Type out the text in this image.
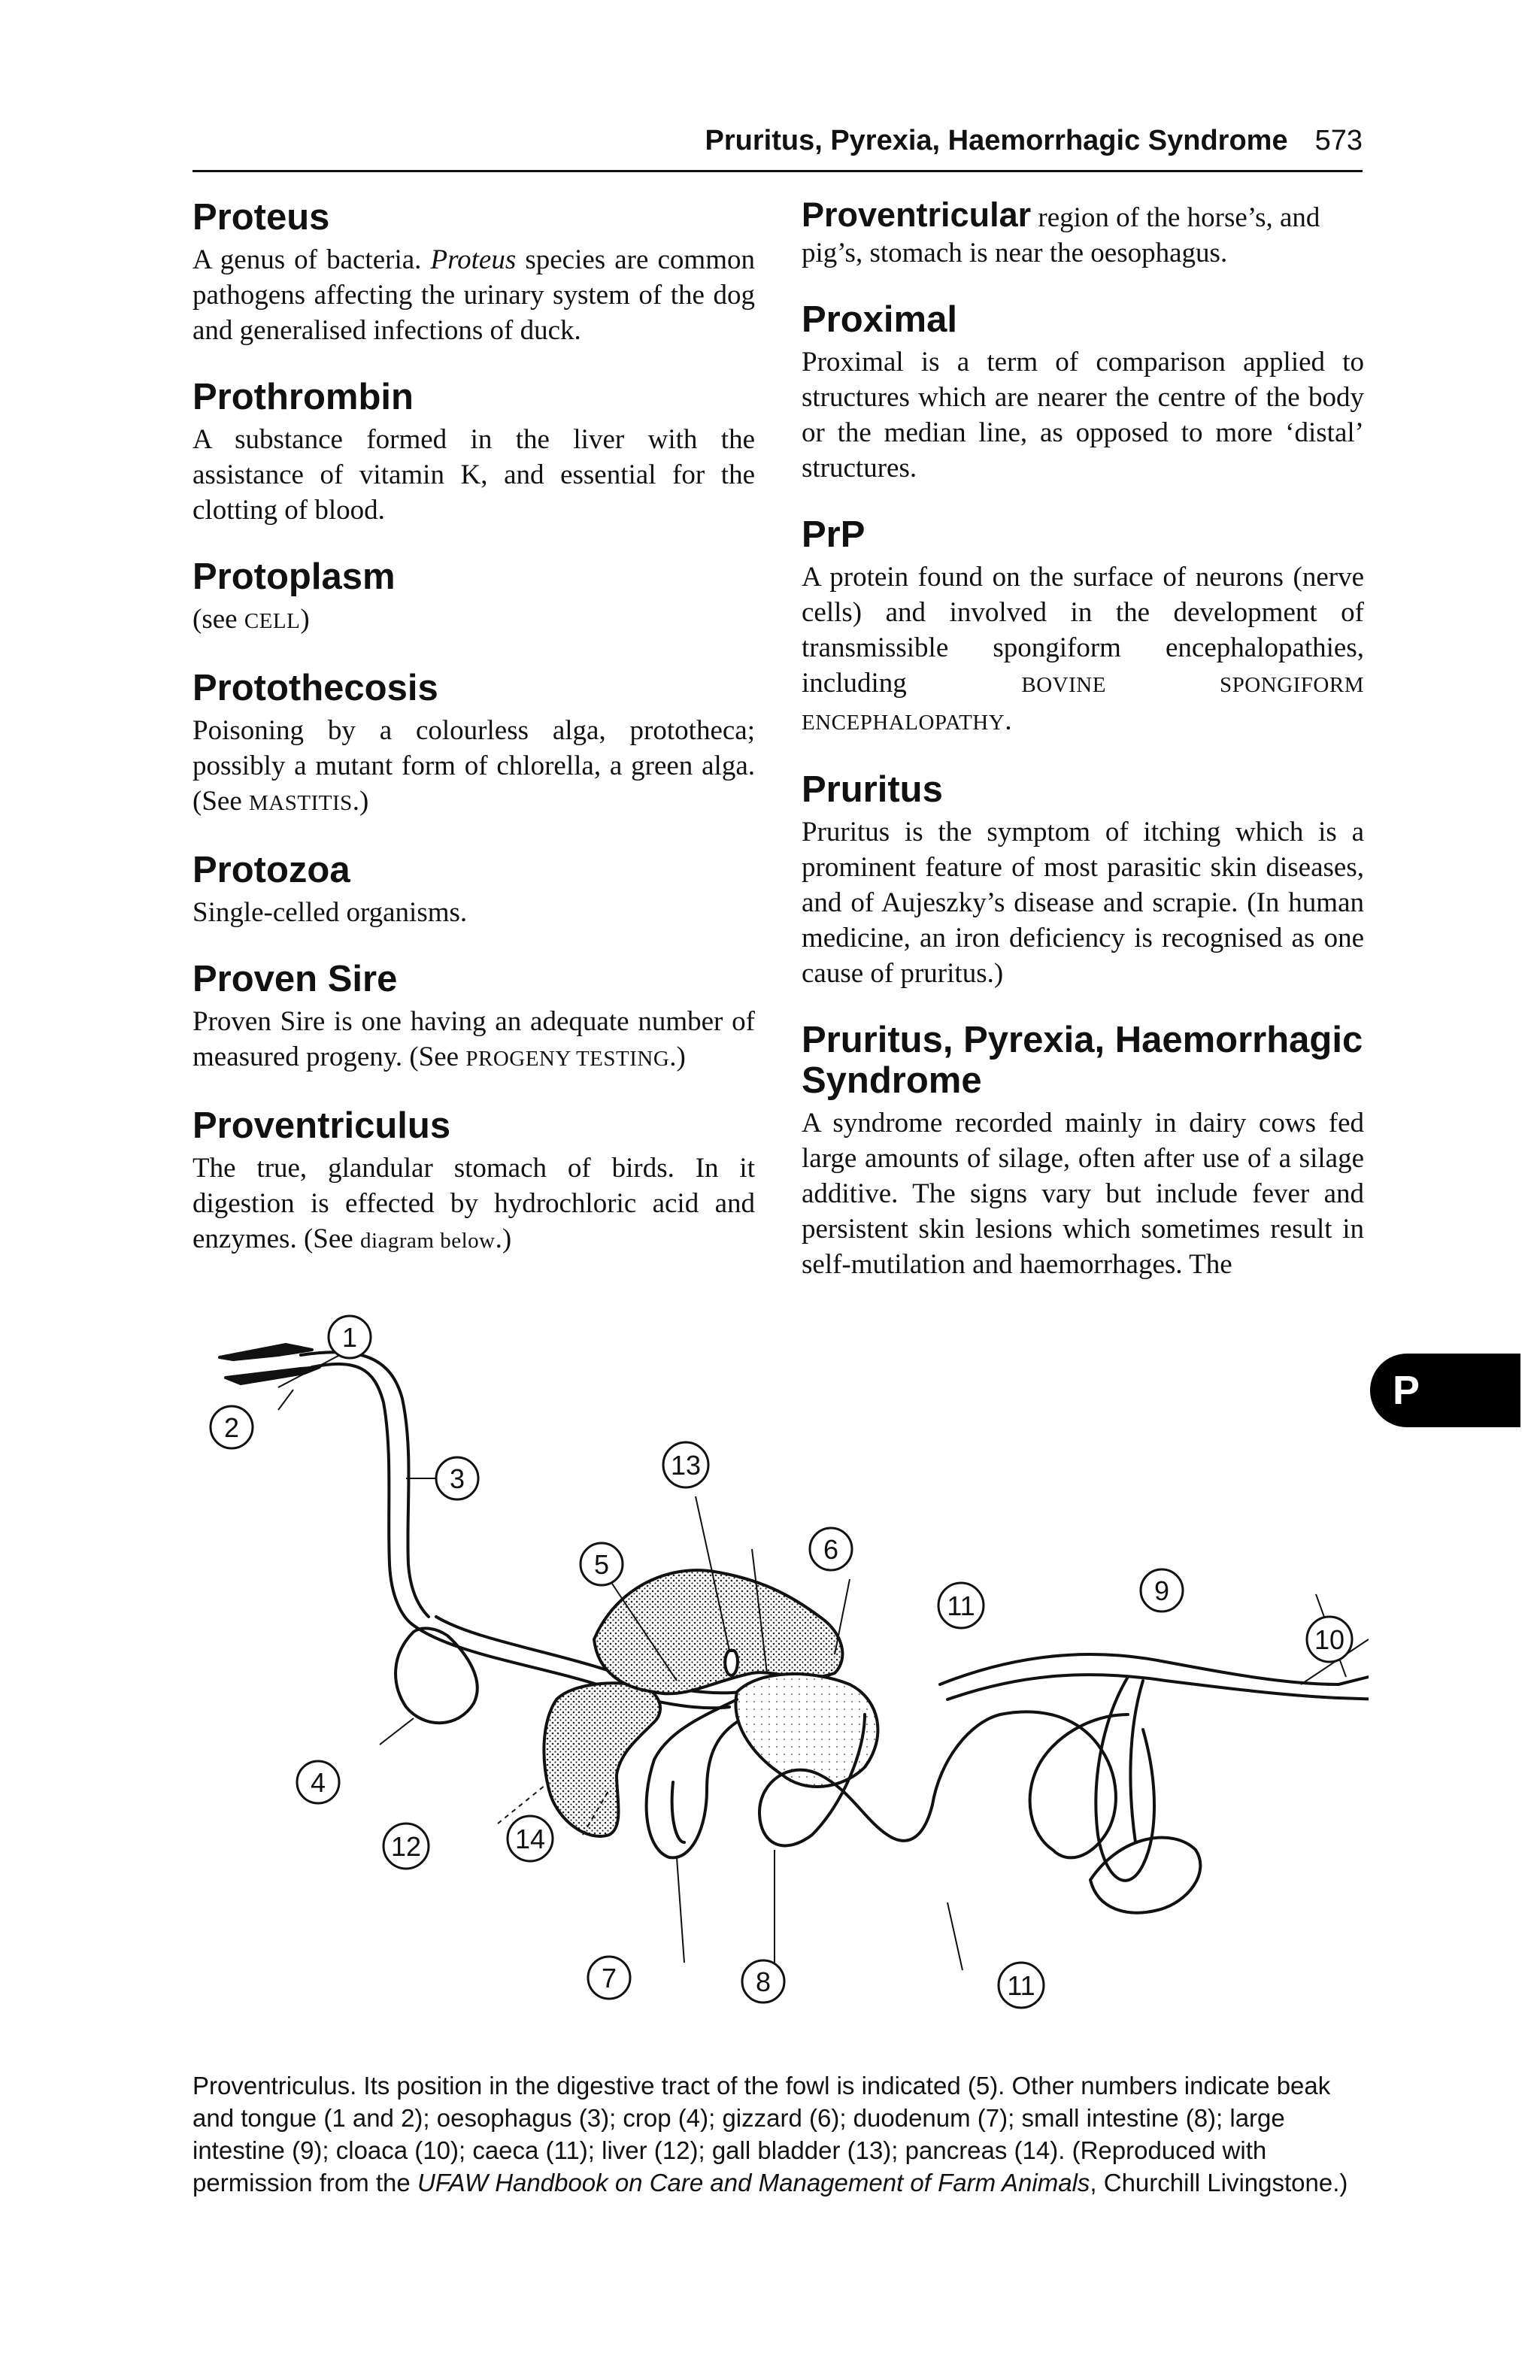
Pruritus, Pyrexia, Haemorrhagic Syndrome 573
Proteus

A genus of bacteria. Proteus species are common pathogens affecting the urinary system of the dog and generalised infections of duck.

Prothrombin

A substance formed in the liver with the assistance of vitamin K, and essential for the clotting of blood.

Protoplasm

(see CELL)

Protothecosis

Poisoning by a colourless alga, prototheca; possibly a mutant form of chlorella, a green alga. (See MASTITIS.)

Protozoa

Single-celled organisms.

Proven Sire

Proven Sire is one having an adequate number of measured progeny. (See PROGENY TESTING.)

Proventriculus

The true, glandular stomach of birds. In it digestion is effected by hydrochloric acid and enzymes. (See diagram below.)

Proventricular region of the horse’s, and pig’s, stomach is near the oesophagus.

Proximal

Proximal is a term of comparison applied to structures which are nearer the centre of the body or the median line, as opposed to more ‘distal’ structures.

PrP

A protein found on the surface of neurons (nerve cells) and involved in the development of transmissible spongiform encephalopathies, including BOVINE SPONGIFORM ENCEPHALOPATHY.

Pruritus

Pruritus is the symptom of itching which is a prominent feature of most parasitic skin diseases, and of Aujeszky’s disease and scrapie. (In human medicine, an iron deficiency is recognised as one cause of pruritus.)

Pruritus, Pyrexia, Haemorrhagic Syndrome

A syndrome recorded mainly in dairy cows fed large amounts of silage, often after use of a silage additive. The signs vary but include fever and persistent skin lesions which sometimes result in self-mutilation and haemorrhages. The

P
1
2
3	13
6
5
11	9
10
4
12	14
7	8	11

Proventriculus. Its position in the digestive tract of the fowl is indicated (5). Other numbers indicate beak and tongue (1 and 2); oesophagus (3); crop (4); gizzard (6); duodenum (7); small intestine (8); large intestine (9); cloaca (10); caeca (11); liver (12); gall bladder (13); pancreas (14). (Reproduced with permission from the UFAW Handbook on Care and Management of Farm Animals, Churchill Livingstone.)
